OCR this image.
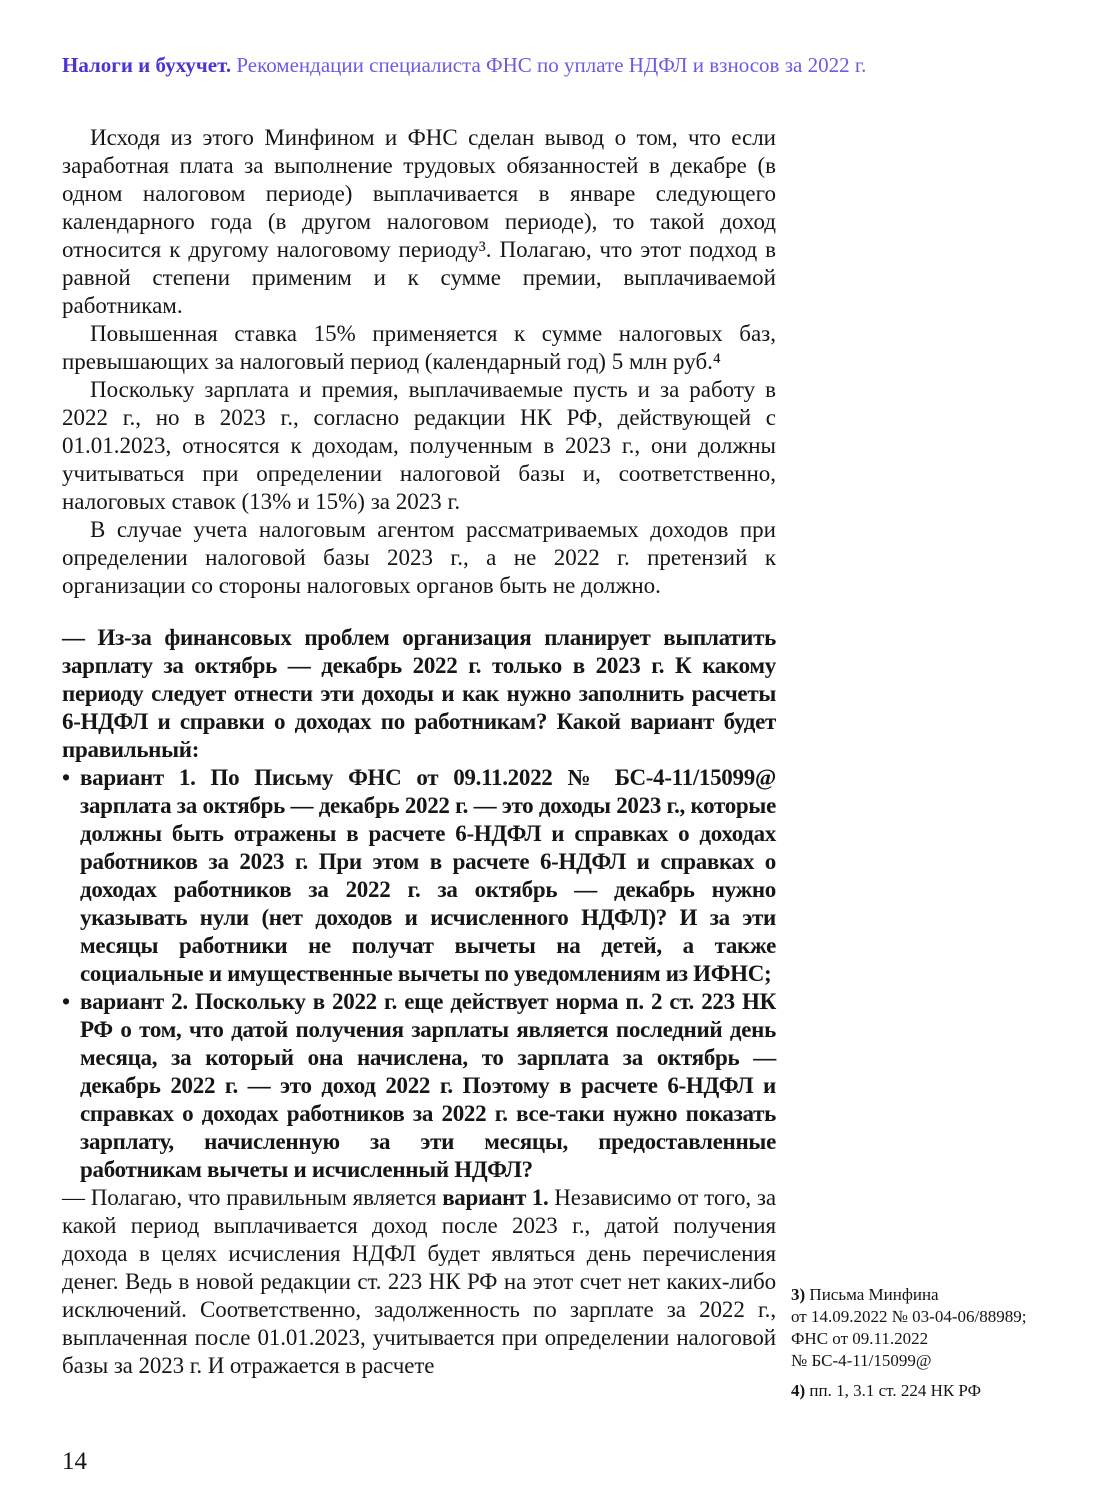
Налоги и бухучет. Рекомендации специалиста ФНС по уплате НДФЛ и взносов за 2022 г.

Исходя из этого Минфином и ФНС сделан вывод о том, что если заработная плата за выполнение трудовых обязанностей в декабре (в одном налоговом периоде) выплачивается в январе следующего календарного года (в другом налоговом периоде), то такой доход относится к другому налоговому периоду³. Полагаю, что этот подход в равной степени применим и к сумме премии, выплачиваемой работникам.

Повышенная ставка 15% применяется к сумме налоговых баз, превышающих за налоговый период (календарный год) 5 млн руб.⁴

Поскольку зарплата и премия, выплачиваемые пусть и за работу в 2022 г., но в 2023 г., согласно редакции НК РФ, действующей с 01.01.2023, относятся к доходам, полученным в 2023 г., они должны учитываться при определении налоговой базы и, соответственно, налоговых ставок (13% и 15%) за 2023 г.

В случае учета налоговым агентом рассматриваемых доходов при определении налоговой базы 2023 г., а не 2022 г. претензий к организации со стороны налоговых органов быть не должно.

— Из-за финансовых проблем организация планирует выплатить зарплату за октябрь — декабрь 2022 г. только в 2023 г. К какому периоду следует отнести эти доходы и как нужно заполнить расчеты 6-НДФЛ и справки о доходах по работникам? Какой вариант будет правильный:

• вариант 1. По Письму ФНС от 09.11.2022 № БС-4-11/15099@ зарплата за октябрь — декабрь 2022 г. — это доходы 2023 г., которые должны быть отражены в расчете 6-НДФЛ и справках о доходах работников за 2023 г. При этом в расчете 6-НДФЛ и справках о доходах работников за 2022 г. за октябрь — декабрь нужно указывать нули (нет доходов и исчисленного НДФЛ)? И за эти месяцы работники не получат вычеты на детей, а также социальные и имущественные вычеты по уведомлениям из ИФНС;
• вариант 2. Поскольку в 2022 г. еще действует норма п. 2 ст. 223 НК РФ о том, что датой получения зарплаты является последний день месяца, за который она начислена, то зарплата за октябрь — декабрь 2022 г. — это доход 2022 г. Поэтому в расчете 6-НДФЛ и справках о доходах работников за 2022 г. все-таки нужно показать зарплату, начисленную за эти месяцы, предоставленные работникам вычеты и исчисленный НДФЛ?

— Полагаю, что правильным является вариант 1. Независимо от того, за какой период выплачивается доход после 2023 г., датой получения дохода в целях исчисления НДФЛ будет являться день перечисления денег. Ведь в новой редакции ст. 223 НК РФ на этот счет нет каких-либо исключений. Соответственно, задолженность по зарплате за 2022 г., выплаченная после 01.01.2023, учитывается при определении налоговой базы за 2023 г. И отражается в расчете

3) Письма Минфина
от 14.09.2022 № 03-04-06/88989;
ФНС от 09.11.2022
№ БС-4-11/15099@
4) пп. 1, 3.1 ст. 224 НК РФ
14
